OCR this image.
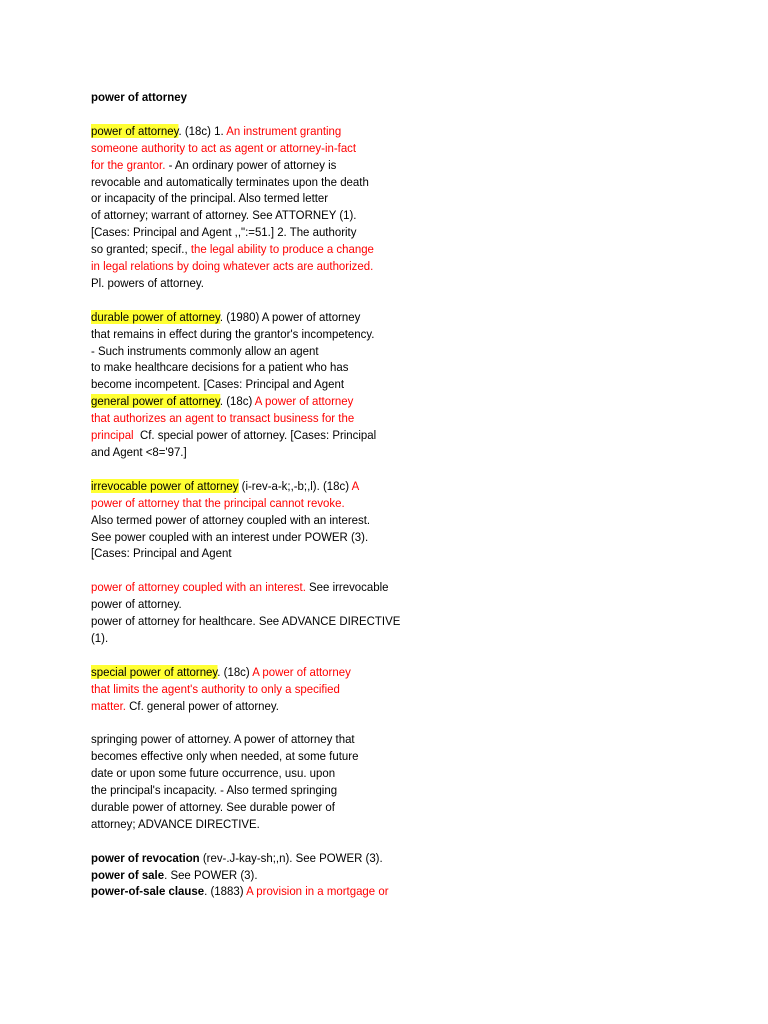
power of attorney
power of attorney. (18c) 1. An instrument granting
someone authority to act as agent or attorney-in-fact
for the grantor. - An ordinary power of attorney is
revocable and automatically terminates upon the death
or incapacity of the principal. Also termed letter
of attorney; warrant of attorney. See ATTORNEY (1).
[Cases: Principal and Agent ,,":=51.] 2. The authority
so granted; specif., the legal ability to produce a change
in legal relations by doing whatever acts are authorized.
Pl. powers of attorney.
durable power of attorney. (1980) A power of attorney
that remains in effect during the grantor's incompetency.
- Such instruments commonly allow an agent
to make healthcare decisions for a patient who has
become incompetent. [Cases: Principal and Agent
general power of attorney. (18c) A power of attorney
that authorizes an agent to transact business for the
principal  Cf. special power of attorney. [Cases: Principal
and Agent <8='97.]
irrevocable power of attorney (i-rev-a-k;,-b;,l). (18c) A
power of attorney that the principal cannot revoke.
Also termed power of attorney coupled with an interest.
See power coupled with an interest under POWER (3).
[Cases: Principal and Agent
power of attorney coupled with an interest. See irrevocable
power of attorney.
power of attorney for healthcare. See ADVANCE DIRECTIVE
(1).
special power of attorney. (18c) A power of attorney
that limits the agent's authority to only a specified
matter. Cf. general power of attorney.
springing power of attorney. A power of attorney that
becomes effective only when needed, at some future
date or upon some future occurrence, usu. upon
the principal's incapacity. - Also termed springing
durable power of attorney. See durable power of
attorney; ADVANCE DIRECTIVE.
power of revocation (rev-.J-kay-sh;,n). See POWER (3).
power of sale. See POWER (3).
power-of-sale clause. (1883) A provision in a mortgage or
